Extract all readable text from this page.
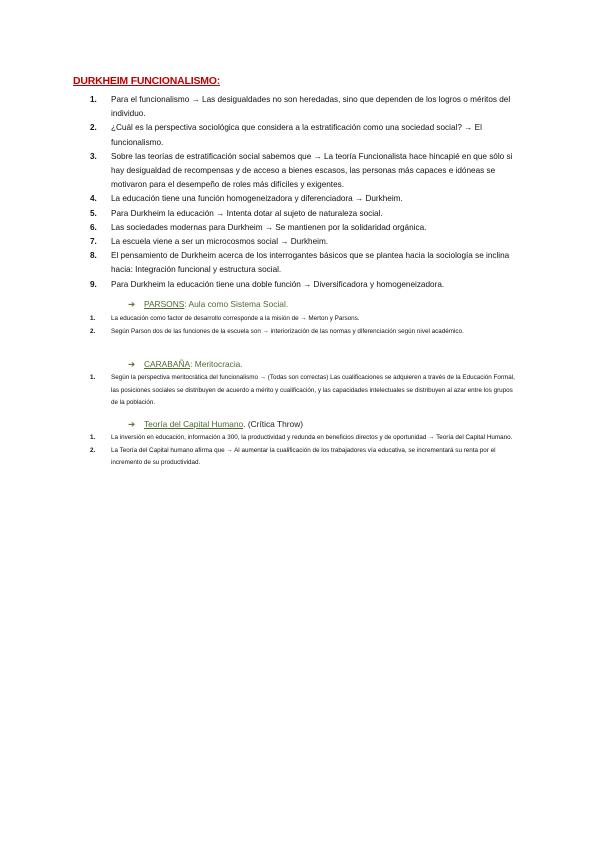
DURKHEIM FUNCIONALISMO:
1. Para el funcionalismo → Las desigualdades no son heredadas, sino que dependen de los logros o méritos del individuo.
2. ¿Cuál es la perspectiva sociológica que considera a la estratificación como una sociedad social? → El funcionalismo.
3. Sobre las teorías de estratificación social sabemos que → La teoría Funcionalista hace hincapié en que sólo si hay desigualdad de recompensas y de acceso a bienes escasos, las personas más capaces e idóneas se motivaron para el desempeño de roles más difíciles y exigentes.
4. La educación tiene una función homogeneizadora y diferenciadora → Durkheim.
5. Para Durkheim la educación → Intenta dotar al sujeto de naturaleza social.
6. Las sociedades modernas para Durkheim → Se mantienen por la solidaridad orgánica.
7. La escuela viene a ser un microcosmos social → Durkheim.
8. El pensamiento de Durkheim acerca de los interrogantes básicos que se plantea hacia la sociología se inclina hacia: Integración funcional y estructura social.
9. Para Durkheim la educación tiene una doble función → Diversificadora y homogeneizadora.
➔ PARSONS: Aula como Sistema Social.
1. La educación como factor de desarrollo corresponde a la misión de → Merton y Parsons.
2. Según Parson dos de las funciones de la escuela son → interiorización de las normas y diferenciación según nivel académico.
➔ CARABAÑA: Meritocracia.
1. Según la perspectiva meritocrática del funcionalismo → (Todas son correctas) Las cualificaciones se adquieren a través de la Educación Formal, las posiciones sociales se distribuyen de acuerdo a mérito y cualificación, y las capacidades intelectuales se distribuyen al azar entre los grupos de la población.
➔ Teoría del Capital Humano. (Crítica Throw)
1. La inversión en educación, información a 300, la productividad y redunda en beneficios directos y de oportunidad → Teoría del Capital Humano.
2. La Teoría del Capital humano afirma que → Al aumentar la cualificación de los trabajadores vía educativa, se incrementará su renta por el incremento de su productividad.
